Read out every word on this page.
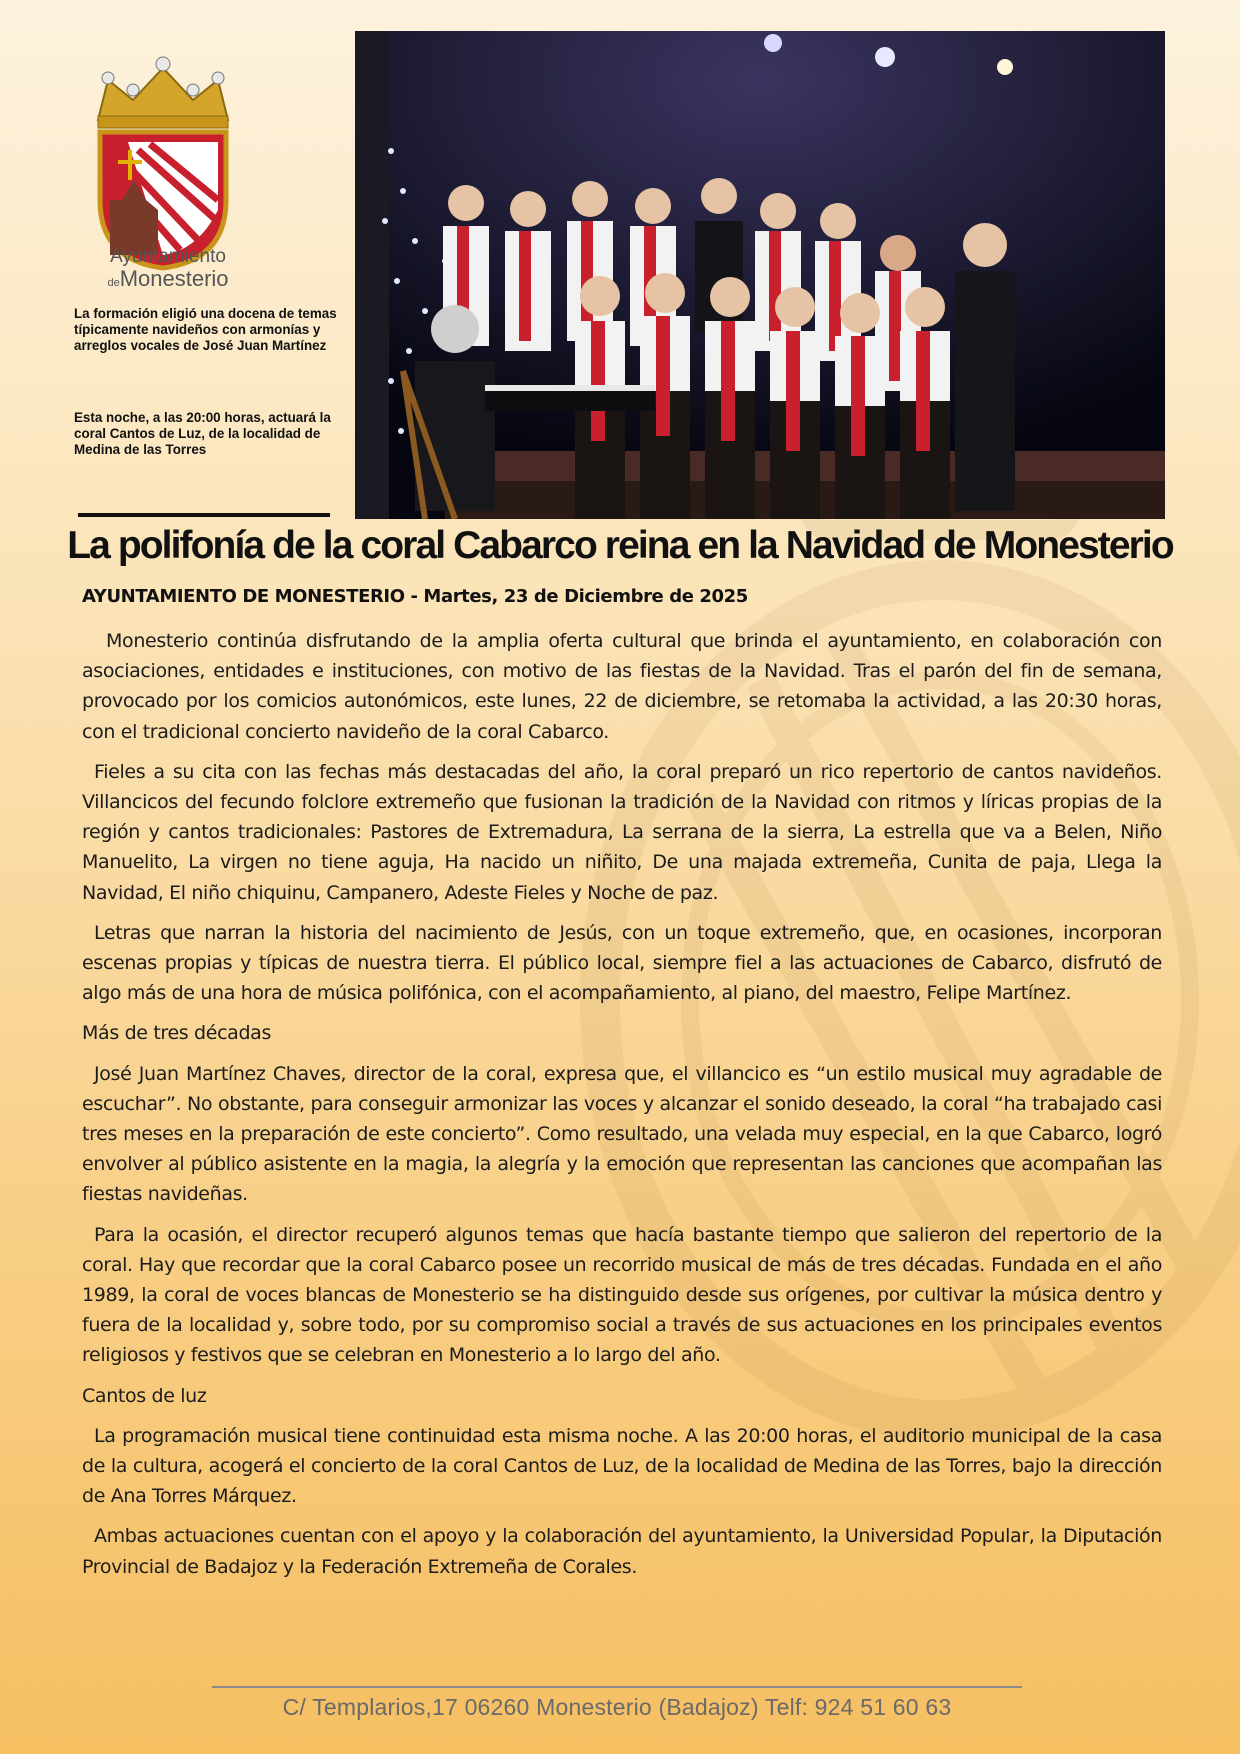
Ayuntamiento
deMonesterio
La formación eligió una docena de temas típicamente navideños con armonías y arreglos vocales de José Juan Martínez
Esta noche, a las 20:00 horas, actuará la coral Cantos de Luz, de la localidad de Medina de las Torres
La polifonía de la coral Cabarco reina en la Navidad de Monesterio

AYUNTAMIENTO DE MONESTERIO - Martes, 23 de Diciembre de 2025

Monesterio continúa disfrutando de la amplia oferta cultural que brinda el ayuntamiento, en colaboración con asociaciones, entidades e instituciones, con motivo de las fiestas de la Navidad. Tras el parón del fin de semana, provocado por los comicios autonómicos, este lunes, 22 de diciembre, se retomaba la actividad, a las 20:30 horas, con el tradicional concierto navideño de la coral Cabarco.

Fieles a su cita con las fechas más destacadas del año, la coral preparó un rico repertorio de cantos navideños. Villancicos del fecundo folclore extremeño que fusionan la tradición de la Navidad con ritmos y líricas propias de la región y cantos tradicionales: Pastores de Extremadura, La serrana de la sierra, La estrella que va a Belen, Niño Manuelito, La virgen no tiene aguja, Ha nacido un niñito, De una majada extremeña, Cunita de paja, Llega la Navidad, El niño chiquinu, Campanero, Adeste Fieles y Noche de paz.

Letras que narran la historia del nacimiento de Jesús, con un toque extremeño, que, en ocasiones, incorporan escenas propias y típicas de nuestra tierra. El público local, siempre fiel a las actuaciones de Cabarco, disfrutó de algo más de una hora de música polifónica, con el acompañamiento, al piano, del maestro, Felipe Martínez.

Más de tres décadas

José Juan Martínez Chaves, director de la coral, expresa que, el villancico es “un estilo musical muy agradable de escuchar”. No obstante, para conseguir armonizar las voces y alcanzar el sonido deseado, la coral “ha trabajado casi tres meses en la preparación de este concierto”. Como resultado, una velada muy especial, en la que Cabarco, logró envolver al público asistente en la magia, la alegría y la emoción que representan las canciones que acompañan las fiestas navideñas.

Para la ocasión, el director recuperó algunos temas que hacía bastante tiempo que salieron del repertorio de la coral. Hay que recordar que la coral Cabarco posee un recorrido musical de más de tres décadas. Fundada en el año 1989, la coral de voces blancas de Monesterio se ha distinguido desde sus orígenes, por cultivar la música dentro y fuera de la localidad y, sobre todo, por su compromiso social a través de sus actuaciones en los principales eventos religiosos y festivos que se celebran en Monesterio a lo largo del año.

Cantos de luz

La programación musical tiene continuidad esta misma noche. A las 20:00 horas, el auditorio municipal de la casa de la cultura, acogerá el concierto de la coral Cantos de Luz, de la localidad de Medina de las Torres, bajo la dirección de Ana Torres Márquez.

Ambas actuaciones cuentan con el apoyo y la colaboración del ayuntamiento, la Universidad Popular, la Diputación Provincial de Badajoz y la Federación Extremeña de Corales.

C/ Templarios,17 06260 Monesterio (Badajoz) Telf: 924 51 60 63
